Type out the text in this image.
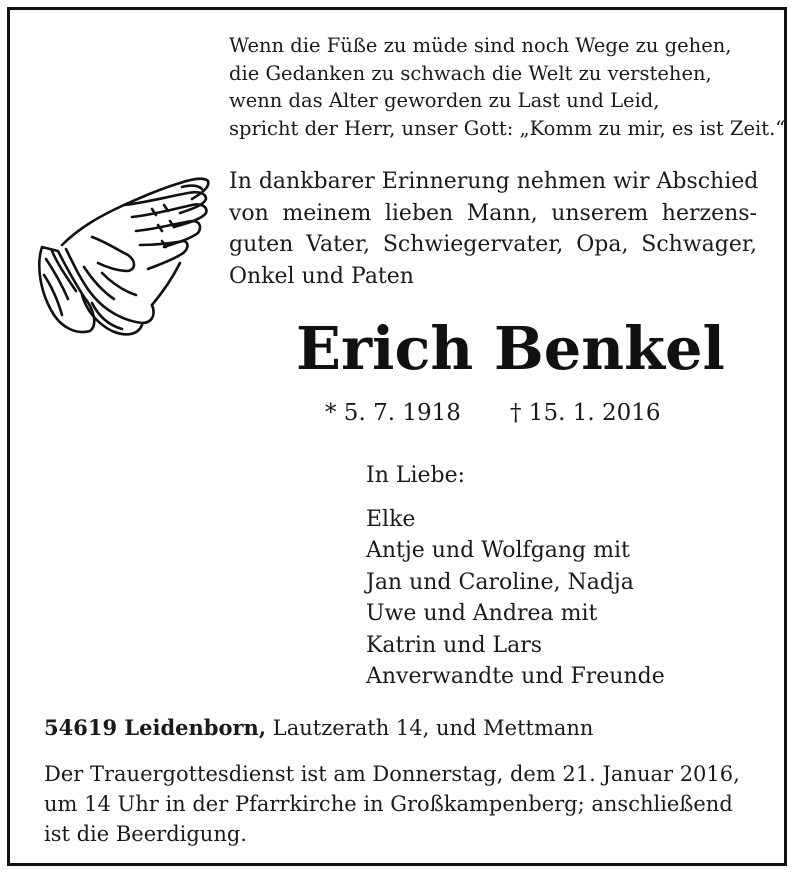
Wenn die Füße zu müde sind noch Wege zu gehen,
die Gedanken zu schwach die Welt zu verstehen,
wenn das Alter geworden zu Last und Leid,
spricht der Herr, unser Gott: „Komm zu mir, es ist Zeit.“
In dankbarer Erinnerung nehmen wir Abschied
von meinem lieben Mann, unserem herzens-
guten Vater, Schwiegervater, Opa, Schwager,
Onkel und Paten
Erich Benkel
* 5. 7. 1918 † 15. 1. 2016
In Liebe:
Elke
Antje und Wolfgang mit
Jan und Caroline, Nadja
Uwe und Andrea mit
Katrin und Lars
Anverwandte und Freunde
54619 Leidenborn, Lautzerath 14, und Mettmann
Der Trauergottesdienst ist am Donnerstag, dem 21. Januar 2016,
um 14 Uhr in der Pfarrkirche in Großkampenberg; anschließend
ist die Beerdigung.
